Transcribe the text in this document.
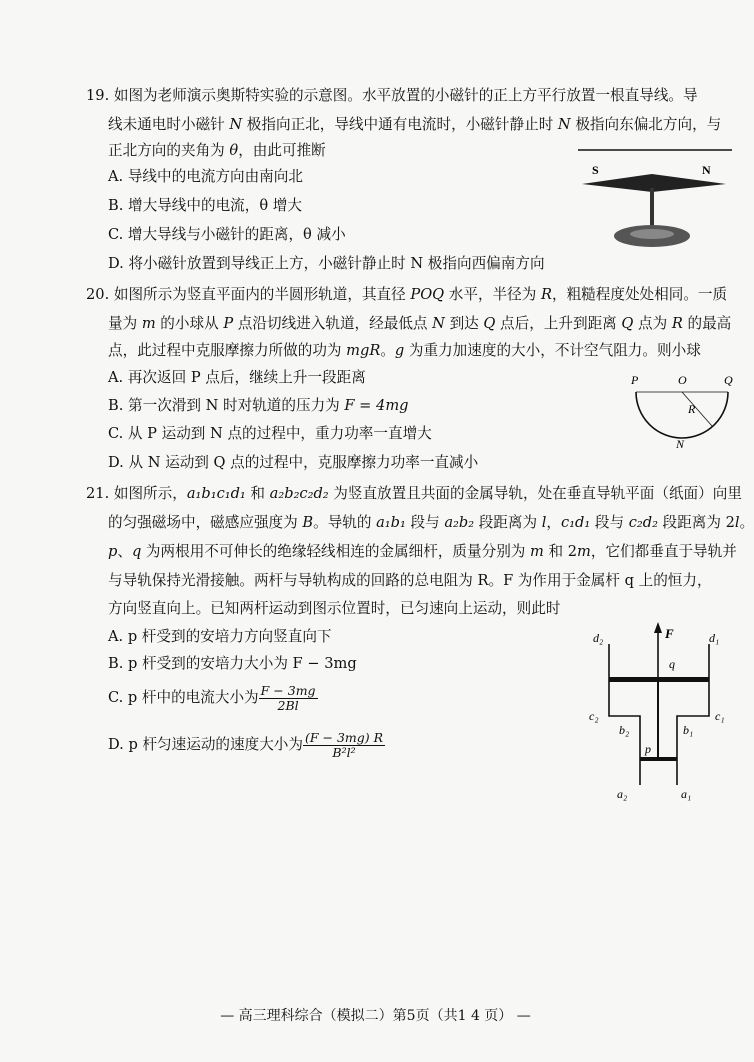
19. 如图为老师演示奥斯特实验的示意图。水平放置的小磁针的正上方平行放置一根直导线。导
线未通电时小磁针 N 极指向正北，导线中通有电流时，小磁针静止时 N 极指向东偏北方向，与
正北方向的夹角为 θ，由此可推断
A. 导线中的电流方向由南向北
B. 增大导线中的电流，θ 增大
C. 增大导线与小磁针的距离，θ 减小
D. 将小磁针放置到导线正上方，小磁针静止时 N 极指向西偏南方向
S	N
20. 如图所示为竖直平面内的半圆形轨道，其直径 POQ 水平，半径为 R，粗糙程度处处相同。一质
量为 m 的小球从 P 点沿切线进入轨道，经最低点 N 到达 Q 点后，上升到距离 Q 点为 R 的最高
点，此过程中克服摩擦力所做的功为 mgR。g 为重力加速度的大小，不计空气阻力。则小球
A. 再次返回 P 点后，继续上升一段距离
B. 第一次滑到 N 时对轨道的压力为 F = 4mg
C. 从 P 运动到 N 点的过程中，重力功率一直增大
D. 从 N 运动到 Q 点的过程中，克服摩擦力功率一直减小
P	O	Q
R
N
21. 如图所示，a₁b₁c₁d₁ 和 a₂b₂c₂d₂ 为竖直放置且共面的金属导轨，处在垂直导轨平面（纸面）向里
的匀强磁场中，磁感应强度为 B。导轨的 a₁b₁ 段与 a₂b₂ 段距离为 l，c₁d₁ 段与 c₂d₂ 段距离为 2l。
p、q 为两根用不可伸长的绝缘轻线相连的金属细杆，质量分别为 m 和 2m，它们都垂直于导轨并
与导轨保持光滑接触。两杆与导轨构成的回路的总电阻为 R。F 为作用于金属杆 q 上的恒力，
方向竖直向上。已知两杆运动到图示位置时，已匀速向上运动，则此时
A. p 杆受到的安培力方向竖直向下
B. p 杆受到的安培力大小为 F − 3mg
C. p 杆中的电流大小为 $\frac{F - 3mg}{2Bl}$
D. p 杆匀速运动的速度大小为 $\frac{(F - 3mg) R}{\text{B²l²}}$
F
d₂	d₁
q
c₂	c₁
b₂	b₁
p
a₂	a₁
— 高三理科综合（模拟二）第5页（共1 4 页） —
